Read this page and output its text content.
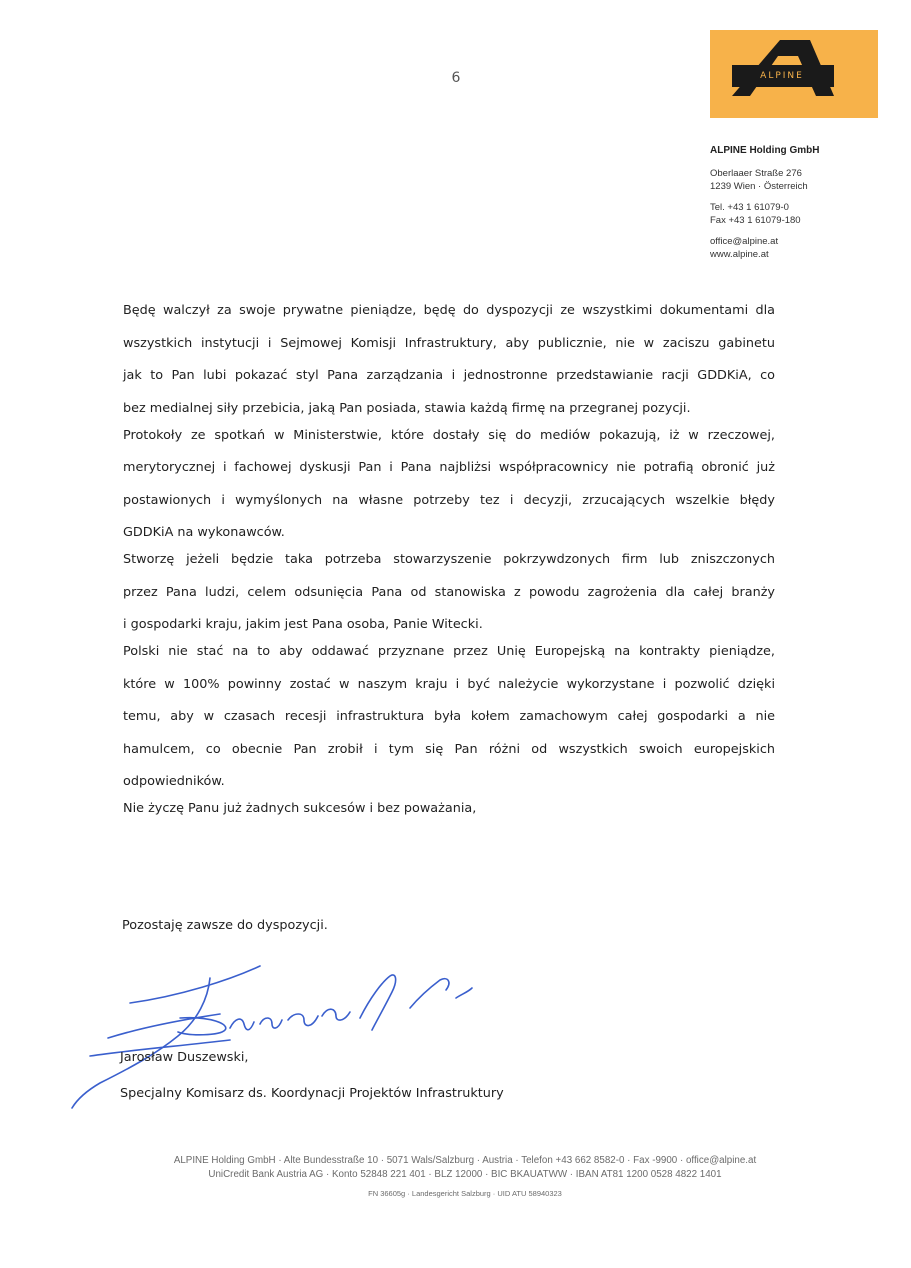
6	ALPINE
ALPINE Holding GmbH
Oberlaaer Straße 276
1239 Wien · Österreich
Tel. +43 1 61079-0
Fax +43 1 61079-180
office@alpine.at
www.alpine.at
Będę walczył za swoje prywatne pieniądze, będę do dyspozycji ze wszystkimi dokumentami dla
wszystkich instytucji i Sejmowej Komisji Infrastruktury, aby publicznie, nie w zaciszu gabinetu
jak to Pan lubi pokazać styl Pana zarządzania i jednostronne przedstawianie racji GDDKiA, co
bez medialnej siły przebicia, jaką Pan posiada, stawia każdą firmę na przegranej pozycji.
Protokoły ze spotkań w Ministerstwie, które dostały się do mediów pokazują, iż w rzeczowej,
merytorycznej i fachowej dyskusji Pan i Pana najbliżsi współpracownicy nie potrafią obronić już
postawionych i wymyślonych na własne potrzeby tez i decyzji, zrzucających wszelkie błędy
GDDKiA na wykonawców.
Stworzę jeżeli będzie taka potrzeba stowarzyszenie pokrzywdzonych firm lub zniszczonych
przez Pana ludzi, celem odsunięcia Pana od stanowiska z powodu zagrożenia dla całej branży
i gospodarki kraju, jakim jest Pana osoba, Panie Witecki.
Polski nie stać na to aby oddawać przyznane przez Unię Europejską na kontrakty pieniądze,
które w 100% powinny zostać w naszym kraju i być należycie wykorzystane i pozwolić dzięki
temu, aby w czasach recesji infrastruktura była kołem zamachowym całej gospodarki a nie
hamulcem, co obecnie Pan zrobił i tym się Pan różni od wszystkich swoich europejskich
odpowiedników.
Nie życzę Panu już żadnych sukcesów i bez poważania,
Pozostaję zawsze do dyspozycji.
Jarosław Duszewski,
Specjalny Komisarz ds. Koordynacji Projektów Infrastruktury
ALPINE Holding GmbH · Alte Bundesstraße 10 · 5071 Wals/Salzburg · Austria · Telefon +43 662 8582-0 · Fax -9900 · office@alpine.at
UniCredit Bank Austria AG · Konto 52848 221 401 · BLZ 12000 · BIC BKAUATWW · IBAN AT81 1200 0528 4822 1401
FN 36605g · Landesgericht Salzburg · UID ATU 58940323
